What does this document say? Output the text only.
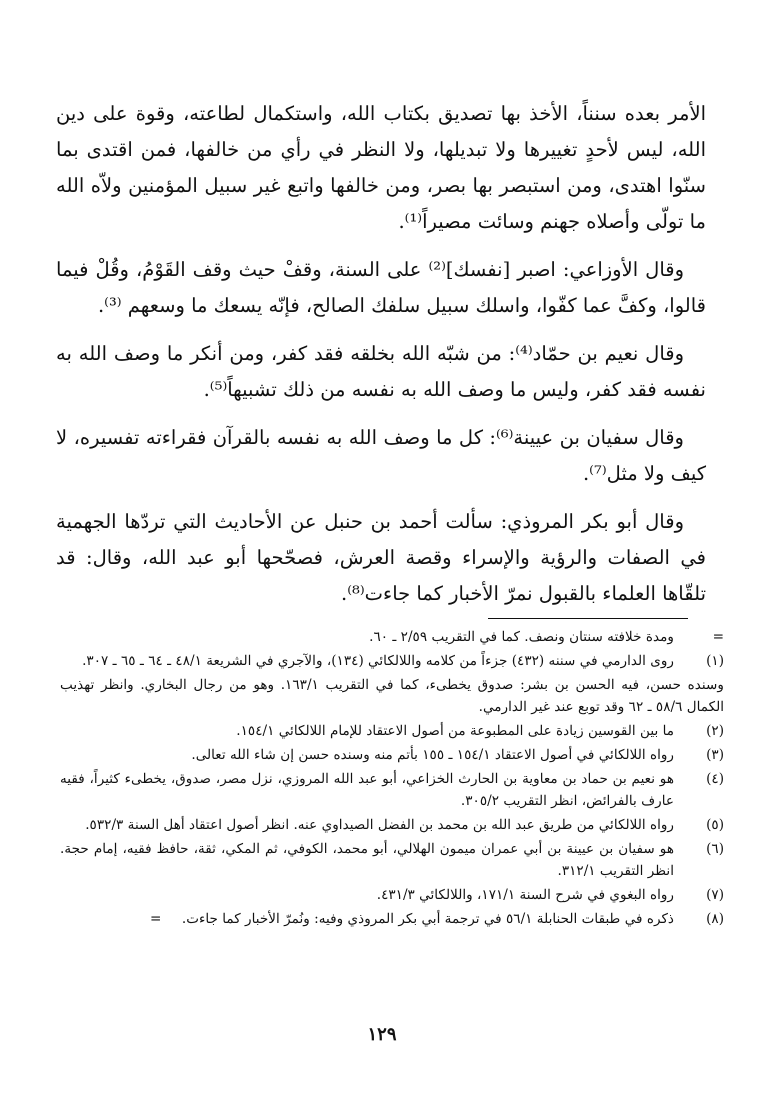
الأمر بعده سنناً، الأخذ بها تصديق بكتاب الله، واستكمال لطاعته، وقوة على دين الله، ليس لأحدٍ تغييرها ولا تبديلها، ولا النظر في رأي من خالفها، فمن اقتدى بما سنّوا اهتدى، ومن استبصر بها بصر، ومن خالفها واتبع غير سبيل المؤمنين ولاّه الله ما تولّى وأصلاه جهنم وسائت مصيراً⁽¹⁾.

وقال الأوزاعي: اصبر [نفسك]⁽²⁾ على السنة، وقفْ حيث وقف القَوْمُ، وقُلْ فيما قالوا، وكفَّ عما كفّوا، واسلك سبيل سلفك الصالح، فإنّه يسعك ما وسعهم ⁽³⁾.

وقال نعيم بن حمّاد⁽⁴⁾: من شبّه الله بخلقه فقد كفر، ومن أنكر ما وصف الله به نفسه فقد كفر، وليس ما وصف الله به نفسه من ذلك تشبيهاً⁽⁵⁾.

وقال سفيان بن عيينة⁽⁶⁾: كل ما وصف الله به نفسه بالقرآن فقراءته تفسيره، لا كيف ولا مثل⁽⁷⁾.

وقال أبو بكر المروذي: سألت أحمد بن حنبل عن الأحاديث التي تردّها الجهمية في الصفات والرؤية والإسراء وقصة العرش، فصحّحها أبو عبد الله، وقال: قد تلقّاها العلماء بالقبول نمرّ الأخبار كما جاءت⁽⁸⁾.

=
ومدة خلافته سنتان ونصف. كما في التقريب ٢/٥٩ ـ ٦٠.
(١)
روى الدارمي في سننه (٤٣٢) جزءاً من كلامه واللالكائي (١٣٤)، والآجري في الشريعة ٤٨/١ ـ ٦٤ ـ ٦٥ ـ ٣٠٧.
وسنده حسن، فيه الحسن بن بشر: صدوق يخطىء، كما في التقريب ١٦٣/١. وهو من رجال البخاري. وانظر تهذيب الكمال ٥٨/٦ ـ ٦٢ وقد توبع عند غير الدارمي.
(٢)
ما بين القوسين زيادة على المطبوعة من أصول الاعتقاد للإمام اللالكائي ١٥٤/١.
(٣)
رواه اللالكائي في أصول الاعتقاد ١٥٤/١ ـ ١٥٥ بأتم منه وسنده حسن إن شاء الله تعالى.
(٤)
هو نعيم بن حماد بن معاوية بن الحارث الخزاعي، أبو عبد الله المروزي، نزل مصر، صدوق، يخطىء كثيراً، فقيه عارف بالفرائض، انظر التقريب ٣٠٥/٢.
(٥)
رواه اللالكائي من طريق عبد الله بن محمد بن الفضل الصيداوي عنه. انظر أصول اعتقاد أهل السنة ٥٣٢/٣.
(٦)
هو سفيان بن عيينة بن أبي عمران ميمون الهلالي، أبو محمد، الكوفي، ثم المكي، ثقة، حافظ فقيه، إمام حجة. انظر التقريب ٣١٢/١.
(٧)
رواه البغوي في شرح السنة ١٧١/١، واللالكائي ٤٣١/٣.
(٨)
ذكره في طبقات الحنابلة ٥٦/١ في ترجمة أبي بكر المروذي وفيه: ونُمرّ الأخبار كما جاءت.
=
١٢٩
